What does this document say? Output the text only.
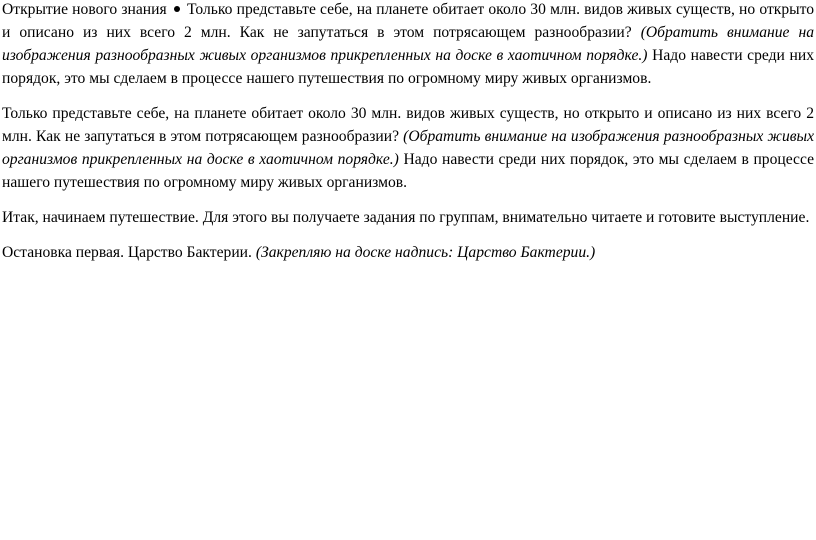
Открытие нового знания Только представьте себе, на планете обитает около 30 млн. видов живых существ, но открыто и описано из них всего 2 млн. Как не запутаться в этом потрясающем разнообразии? (Обратить внимание на изображения разнообразных живых организмов прикрепленных на доске в хаотичном порядке.) Надо навести среди них порядок, это мы сделаем в процессе нашего путешествия по огромному миру живых организмов.

Только представьте себе, на планете обитает около 30 млн. видов живых существ, но открыто и описано из них всего 2 млн. Как не запутаться в этом потрясающем разнообразии? (Обратить внимание на изображения разнообразных живых организмов прикрепленных на доске в хаотичном порядке.) Надо навести среди них порядок, это мы сделаем в процессе нашего путешествия по огромному миру живых организмов.

Итак, начинаем путешествие. Для этого вы получаете задания по группам, внимательно читаете и готовите выступление.

Остановка первая. Царство Бактерии. (Закрепляю на доске надпись: Царство Бактерии.)
